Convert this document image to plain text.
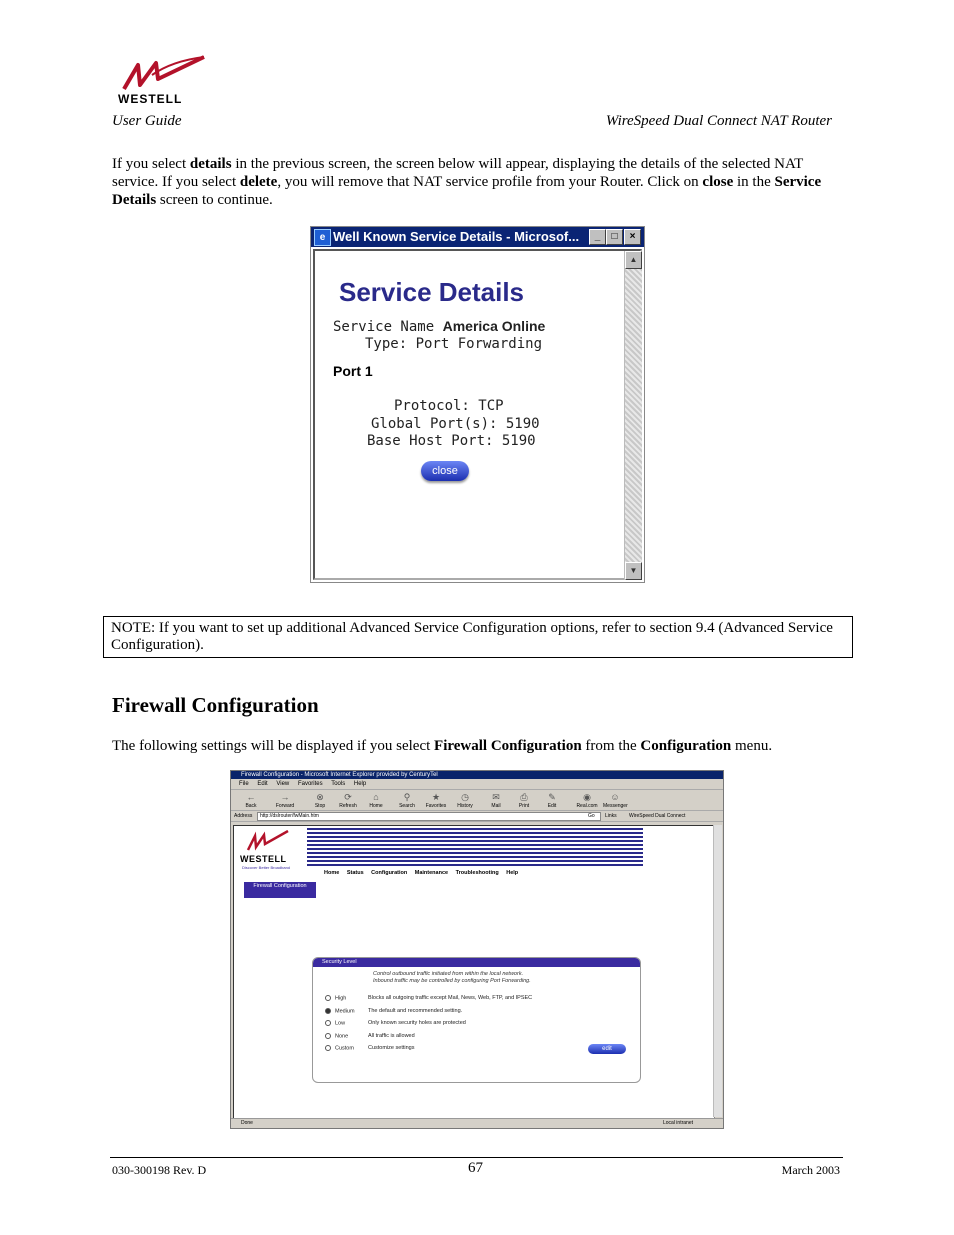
WESTELL
User Guide	WireSpeed Dual Connect NAT Router
If you select details in the previous screen, the screen below will appear, displaying the details of the selected NAT service. If you select delete, you will remove that NAT service profile from your Router. Click on close in the Service Details screen to continue.
e Well Known Service Details - Microsof...	_	□	×
▲
▼
Service Details
Service Name America Online
Type: Port Forwarding
Port 1
Protocol: TCP
Global Port(s): 5190
Base Host Port: 5190
close
NOTE: If you want to set up additional Advanced Service Configuration options, refer to section 9.4 (Advanced Service Configuration).
Firewall Configuration
The following settings will be displayed if you select Firewall Configuration from the Configuration menu.
Firewall Configuration - Microsoft Internet Explorer provided by CenturyTel
File Edit View Favorites Tools Help
←
Back
→
Forward
⊗
Stop
⟳
Refresh
⌂
Home
⚲
Search
★
Favorites
◷
History
✉
Mail
⎙
Print
✎
Edit
◉
Real.com
☺
Messenger
Address	http://dslrouter/fwMain.htm	Go Links WireSpeed Dual Connect
WESTELL
Discover Better Broadband
Home Status Configuration Maintenance Troubleshooting Help
Firewall Configuration
Security Level
Control outbound traffic initiated from within the local network.
Inbound traffic may be controlled by configuring Port Forwarding.
High	Blocks all outgoing traffic except Mail, News, Web, FTP, and IPSEC
Medium The default and recommended setting.
Low	Only known security holes are protected
None	All traffic is allowed
Custom	Customize settings	edit
Done	Local intranet
030-300198 Rev. D	67	March 2003
